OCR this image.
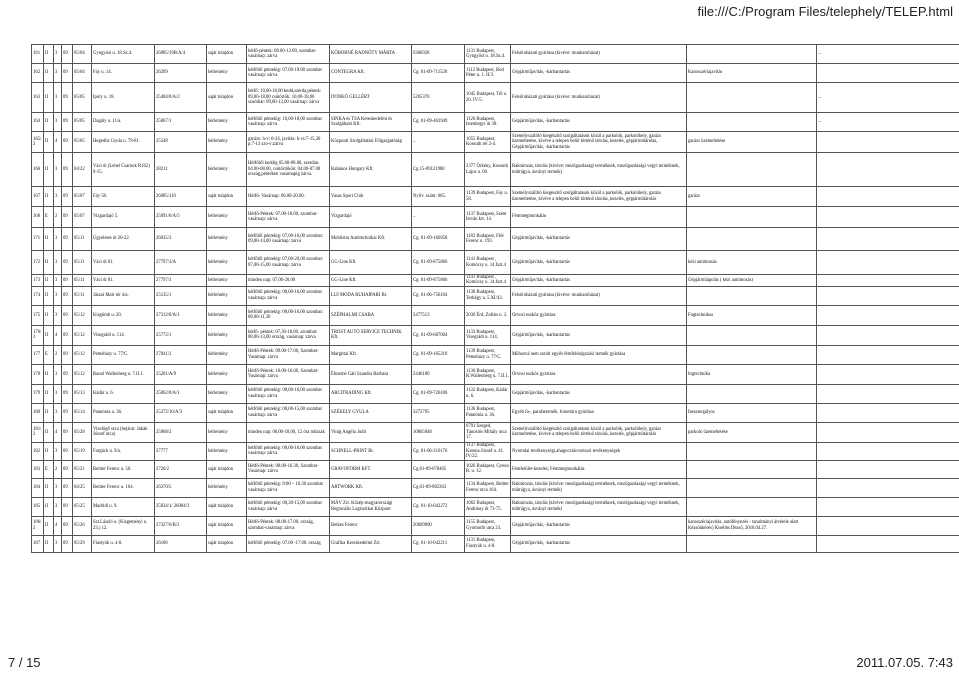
file:///C:/Program Files/telephely/TELEP.html
161	II	3	09	05/04	Gyngyösi u. 18.Sz.4.	26085/19B/A/4	saját tulajdon	hétfő-péntek: 08.00-12.00, szombat-vasárnap: zárva	KÖBORNÉ RADNÓTY MÁRTA	6366928	1131 Budapest, Gyngyösi u. 18.Sz.4.	Felsőruházati gyártása (kivéve: munkaruházat)		...
162	II	3	09	05/04	Fáy u. 14.	26209	bérlemény	hétfőtől péntekig: 07.00-19.00 szombat vasárnap: zárva	CONTEGRA Kft.	Cg. 01-09-711520	1112 Budapest, Bod Péter u. 1. II/3.	Gépjárműjavítás, -karbantartás	Karosszériajavítás	
163	II	3	09	05/05	Ipoly u. 18.	25484/0/A/2	saját tulajdon	hétfő: 10,00-18,00 kedd,szerda,péntek: 09,00-18,00 csütörtök: 10,00-18,00 szombat: 09,00-13,00 vasárnap: zárva	DONKÓ GELLÉRT	5265370	1045 Budapest, Tél u. 20. IV/5.	Felsőruházati gyártása (kivéve: munkaruházat)		...
164	II	3	09	05/05	Dagály u. 11/a.	25867/1	bérlemény	hétfőtől péntekig: 10,00-18,00 szombat vasárnap: zárva	SINKA és TSA Kereskedelmi és Szolgáltató Kft.	Cg. 01-09-463949	1126 Budapest, Istenhegyi út 30.	Gépjárműjavítás, -karbantartás		...
165/2	II	4	09	05/05	Hegedűs Gyula u. 79-81.	25548	bérlemény	garázs: h-v: 0-24, javítás: h-cs:7-15,30 p:7-13 szo-v:zárva	Központi Szolgáltatási Főigazgatóság	...	1055 Budapest, Kossuth tér 2-4.	Személyszállító kiegészítő szolgáltatások közül a parkolók, parkolóhely, garázs üzemeltetése, kivéve a telepen belül történő tárolás, kezelés, gépjárműtárolás, Gépjárműjavítás, -karbantartás	garázs üzemeltetése	
166	II	3	09	04/22	Váci út (Lehel Csarnok R162) 9-15.	28211	bérlemény	Hétfőtől keddig 05.00-08.00, szerdán: 04.00-08.00, csütörtökön: 04.00-07.00 ország,pénteken vasárnapig zárva.	Kabanos Hungary Kft.	Cg.15-09121980	2377 Örkény, Kossuth Lajos u. 60.	Raktározás, tárolás (kivéve: mezőgazdasági terméknek, mezőgazdasági vegyi terméknek, műtrágya, ásványi termék)		
167	II	3	09	05/07	Fáy 58.	26085/110	saját tulajdon	Hétfő- Vasárnap: 06.00-20.00.	Vasas Sport Club	Nyilv. szám: 665.	1139 Budapest, Fáy u. 58.	Személyszállító kiegészítő szolgáltatások közül a parkolók, parkolóhely, garázs üzemeltetése, kivéve a telepen belül történő tárolás, kezelés, gépjárműtárolás	garázs	
168	E	2	09	05/07	Vizgardajó 5.	25091/0/A/5	bérlemény	Hétfő-Péntek: 07.00-18.00, szombat-vasárnap: zárva	Vizgardajó	...	1137 Budapest, Szent István krt. 14.	Fémmegmunkálás		
171	II	3	09	05/11	Ügyeletes út 20-22.	26035/3	bérlemény	hétfőtől péntekig: 07,00-18,00 szombat: 09,00-14,00 vasárnap: zárva	Mobilstar Autótechnikai Kft.	Cg. 01-09-166958	1182 Budapest, Flór Ferenc u. 193.	Gépjárműjavítás, -karbantartás		
172	II	3	09	05/11	Váci út 81.	27797/3/A	bérlemény	hétfőtől péntekig: 07,00-20,00 szombat: 07,00-15,00 vasárnap: zárva	GG-Line Kft.	Cg. 01-09-875866	1141 Budapest , Komócsy u. 14.fszt.4	Gépjárműjavítás, -karbantartás	kézi autómosás	
173	II	3	09	05/11	Váci út 81.	27797/3	bérlemény	minden nap: 07,00-20,00	GG-Line Kft.	Cg. 01-09-875866	1141 Budapest , Komócsy u. 14.fszt.4	Gépjárműjavítás, -karbantartás	Gépjárműápolás ( kézi autómosás)	
174	II	3	09	05/11	Jászai Mari tér 4/a.	25135/1	bérlemény	hétfőtől péntekig: 08,00-16,00 szombat vasárnap: zárva	LUI MODA RUHAIPARI Bt.	Cg. 01-06-756104	1138 Budapest, Terbágy u. 5.XI/43.	Felsőruházati gyártása (kivéve: munkaruházat)		
175	II	3	09	05/12	Kisgömb u. 20.	27312/0/A/1	bérlemény	hétfőtől péntekig: 08,00-16,00 szombat: 08,00-11,30	SZÉPHALMI CSABA	2477513	2030 Érd, Zoltán u. 3.	Orvosi eszköz gyártása	Fogtechnikus	
176/3	II	4	09	05/12	Visegrádi u. 114.	25772/1	bérlemény	hétfő- péntek: 07,30-18,00, szombat: 08,00-13,00 ország, vasárnap: zárva	TROST AUTO SERVICE TECHNIK Kft.	Cg. 01-09-687004	1133 Budapest, Visegrádi u. 114.	Gépjárműjavítás, -karbantartás		
177	E	2	09	05/12	Petneházy u. 77/C.	27041/2	bérlemény	Hétfő-Péntek: 09.00-17.00, Szombat-Vasárnap: zárva	Margittai Kft.	Cg. 01-09-165210	1139 Budapest, Petneházy u. 77/C.	Mühsová nem sorolt egyéb fémfeldolgozási termék gyártása		
178	II	3	09	05/12	Raoul Wallenberg u. 7.II.1.	25201/A/9	bérlemény	Hétfő-Péntek: 10.00-16.00, Szombat-Vasárnap: zárva	Ébnerné Gáti Szandra Barbara	2446180	1136 Budapest, R.Wallenberg u. 7.II.1.	Orvosi eszköz gyártása	fogtechnika	
179	II	3	09	05/13	Kádár u. 6.	25062/0/A/1	bérlemény	hétfőtől péntekig: 08,00-16,00 szombat vasárnap: zárva	ARCITRADING Kft.	Cg. 01-09-726106	1132 Budapest, Kádár u. 6.	Gépjárműjavítás, -karbantartás		
180	II	3	09	05/14	Pannónia u. 36.	25272/10/A/3	saját tulajdon	hétfőtől péntekig: 08,00-15,00 szombat vasárnap: zárva	SZÉKELY GYULA	3272795	1136 Budapest, Pannónia u. 36.	Egyéb fa-, parafatermék, fonottáru gyártása	faesztergályos	
181/2	II	4	09	05/28	Vizelőgő utca (bejárat: Jakab József utca)	25868/2	bérlemény	minden nap: 06,00-18,00, 12 óra műszak	Vinig Angéla Judit	10865848	6791 Szeged, Tánosiós Mihály utca 17.	Személyszállító kiegészítő szolgáltatások közül a parkolók, parkolóhely, garázs üzemeltetése, kivéve a telepen belül történő tárolás, kezelés, gépjárműtárolás	parkoló üzemeltetése	
182	II	3	09	05/19	Forgách u. 9/a.	27777	bérlemény	hétfőtől péntekig: 08,00-16,00 szombat vasárnap: zárva	SCHNELL-PRINT Bt.	Cg. 01-06-210176	1137 Budapest, Katona József u. 41. IV/22.	Nyomdai tevékenységi,ahagocztás-tartozó tevékenységek		
183	E	2	09	05/21	Reitter Ferenc u. 50.	2720/2	saját tulajdon	Hétfő-Péntek: 08.00-16.30, Szombat-Vasárnap: zárva	GRAVOFORM KFT	Cg.01-09-078405	1026 Budapest, Gyeon R. u. 12.	Fémfelület-kezelés; Fémmegmunkálás		
184	II	3	09	04/25	Reitter Ferenc u. 164.	26370/5	bérlemény	hétfőtől péntekig: 8:00 – 16:30 szombat vasárnap: zárva	ARTWORK Kft.	Cg.01-09-882363	1134 Budapest, Reitter Ferenc utca 164.	Raktározás, tárolás (kivéve: mezőgazdasági terméknek, mezőgazdasági vegyi terméknek, műtrágya, ásványi termék)		
185	II	3	09	05/25	Madridi u. 9.	25834/1/ 26084/3	saját tulajdon	hétfőtől péntekig: 06,30-15,00 szombat vasárnap: zárva	MÁV Zrt. Közép-magyarországi Regionális Logisztikai Központ	Cg. 01-10-042272	1062 Budapest, Andrássy út 73-75.	Raktározás, tárolás (kivéve: mezőgazdasági terméknek, mezőgazdasági vegyi terméknek, műtrágya, ásványi termék)		
186/2	II	4	09	05/26	Szt.László u. (Kisgeményi u. 23.) 12.	27327/0/B/2	saját tulajdon	Hétfő-Péntek: 08.00-17.00, ország, szombat-vasárnap: zárva	Betkes Ferenc	20609890	1155 Budapest, Gyomorbi utca 23.	Gépjárműjavítás, -karbantartás	karosszériajavítás, autófényezés - tanulmányi átvétele alatt Kézsönkérés) Kisebbs Dezső, 2010.04.27.	
187	II	3	09	05/29	Fiastyúk u. 4-8.	26106	saját tulajdon	hétfőtől péntekig: 07.00 -17.00. ország	Grafika Kereskedelmi Zrt.	Cg. 01-10-042211	1131 Budapest, Fiastyúk u. 4-8.	Gépjárműjavítás, -karbantartás		
7 / 15	2011.07.05. 7:43
